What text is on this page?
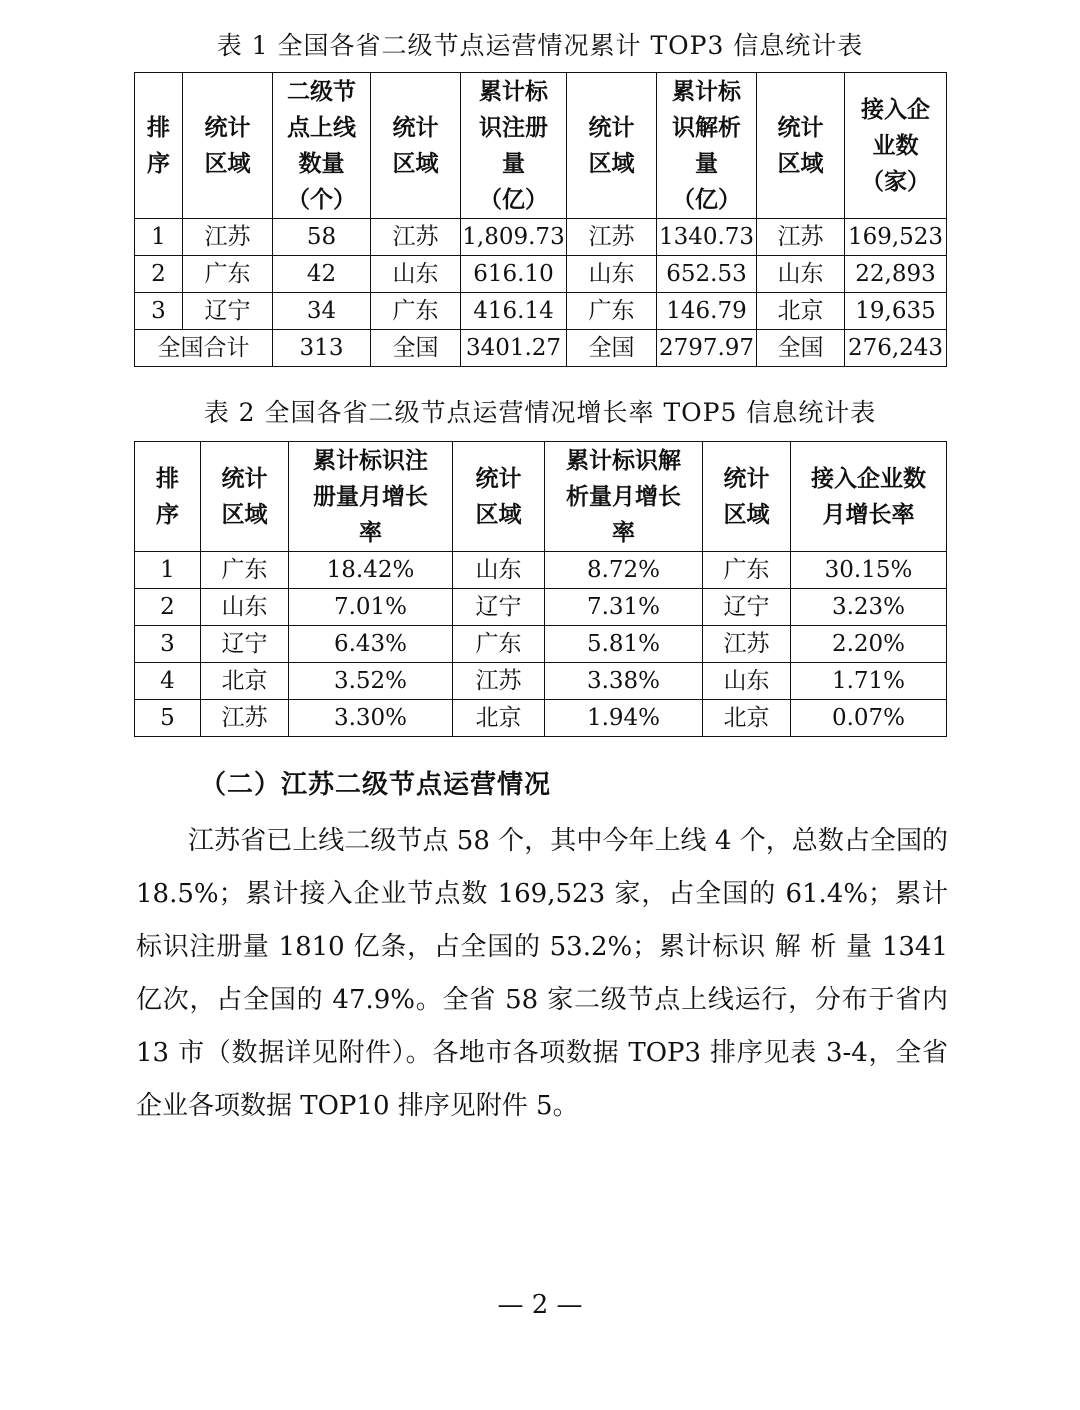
表 1 全国各省二级节点运营情况累计 TOP3 信息统计表
排序	统计区域	二级节点上线数量（个）	统计区域	累计标识注册量（亿）	统计区域	累计标识解析量（亿）	统计区域	接入企业数（家）
1	江苏	58	江苏	1,809.73	江苏	1340.73	江苏	169,523
2	广东	42	山东	616.10	山东	652.53	山东	22,893
3	辽宁	34	广东	416.14	广东	146.79	北京	19,635
全国合计		313	全国	3401.27	全国	2797.97	全国	276,243
表 2 全国各省二级节点运营情况增长率 TOP5 信息统计表
排序	统计区域	累计标识注册量月增长率	统计区域	累计标识解析量月增长率	统计区域	接入企业数月增长率
1	广东	18.42%	山东	8.72%	广东	30.15%
2	山东	7.01%	辽宁	7.31%	辽宁	3.23%
3	辽宁	6.43%	广东	5.81%	江苏	2.20%
4	北京	3.52%	江苏	3.38%	山东	1.71%
5	江苏	3.30%	北京	1.94%	北京	0.07%
（二）江苏二级节点运营情况
江苏省已上线二级节点 58 个，其中今年上线 4 个，总数占全国的 18.5%；累计接入企业节点数 169,523 家，占全国的 61.4%；累计标识注册量 1810 亿条，占全国的 53.2%；累计标识 解 析 量 1341 亿次，占全国的 47.9%。全省 58 家二级节点上线运行，分布于省内 13 市（数据详见附件）。各地市各项数据 TOP3 排序见表 3-4，全省企业各项数据 TOP10 排序见附件 5。
— 2 —
